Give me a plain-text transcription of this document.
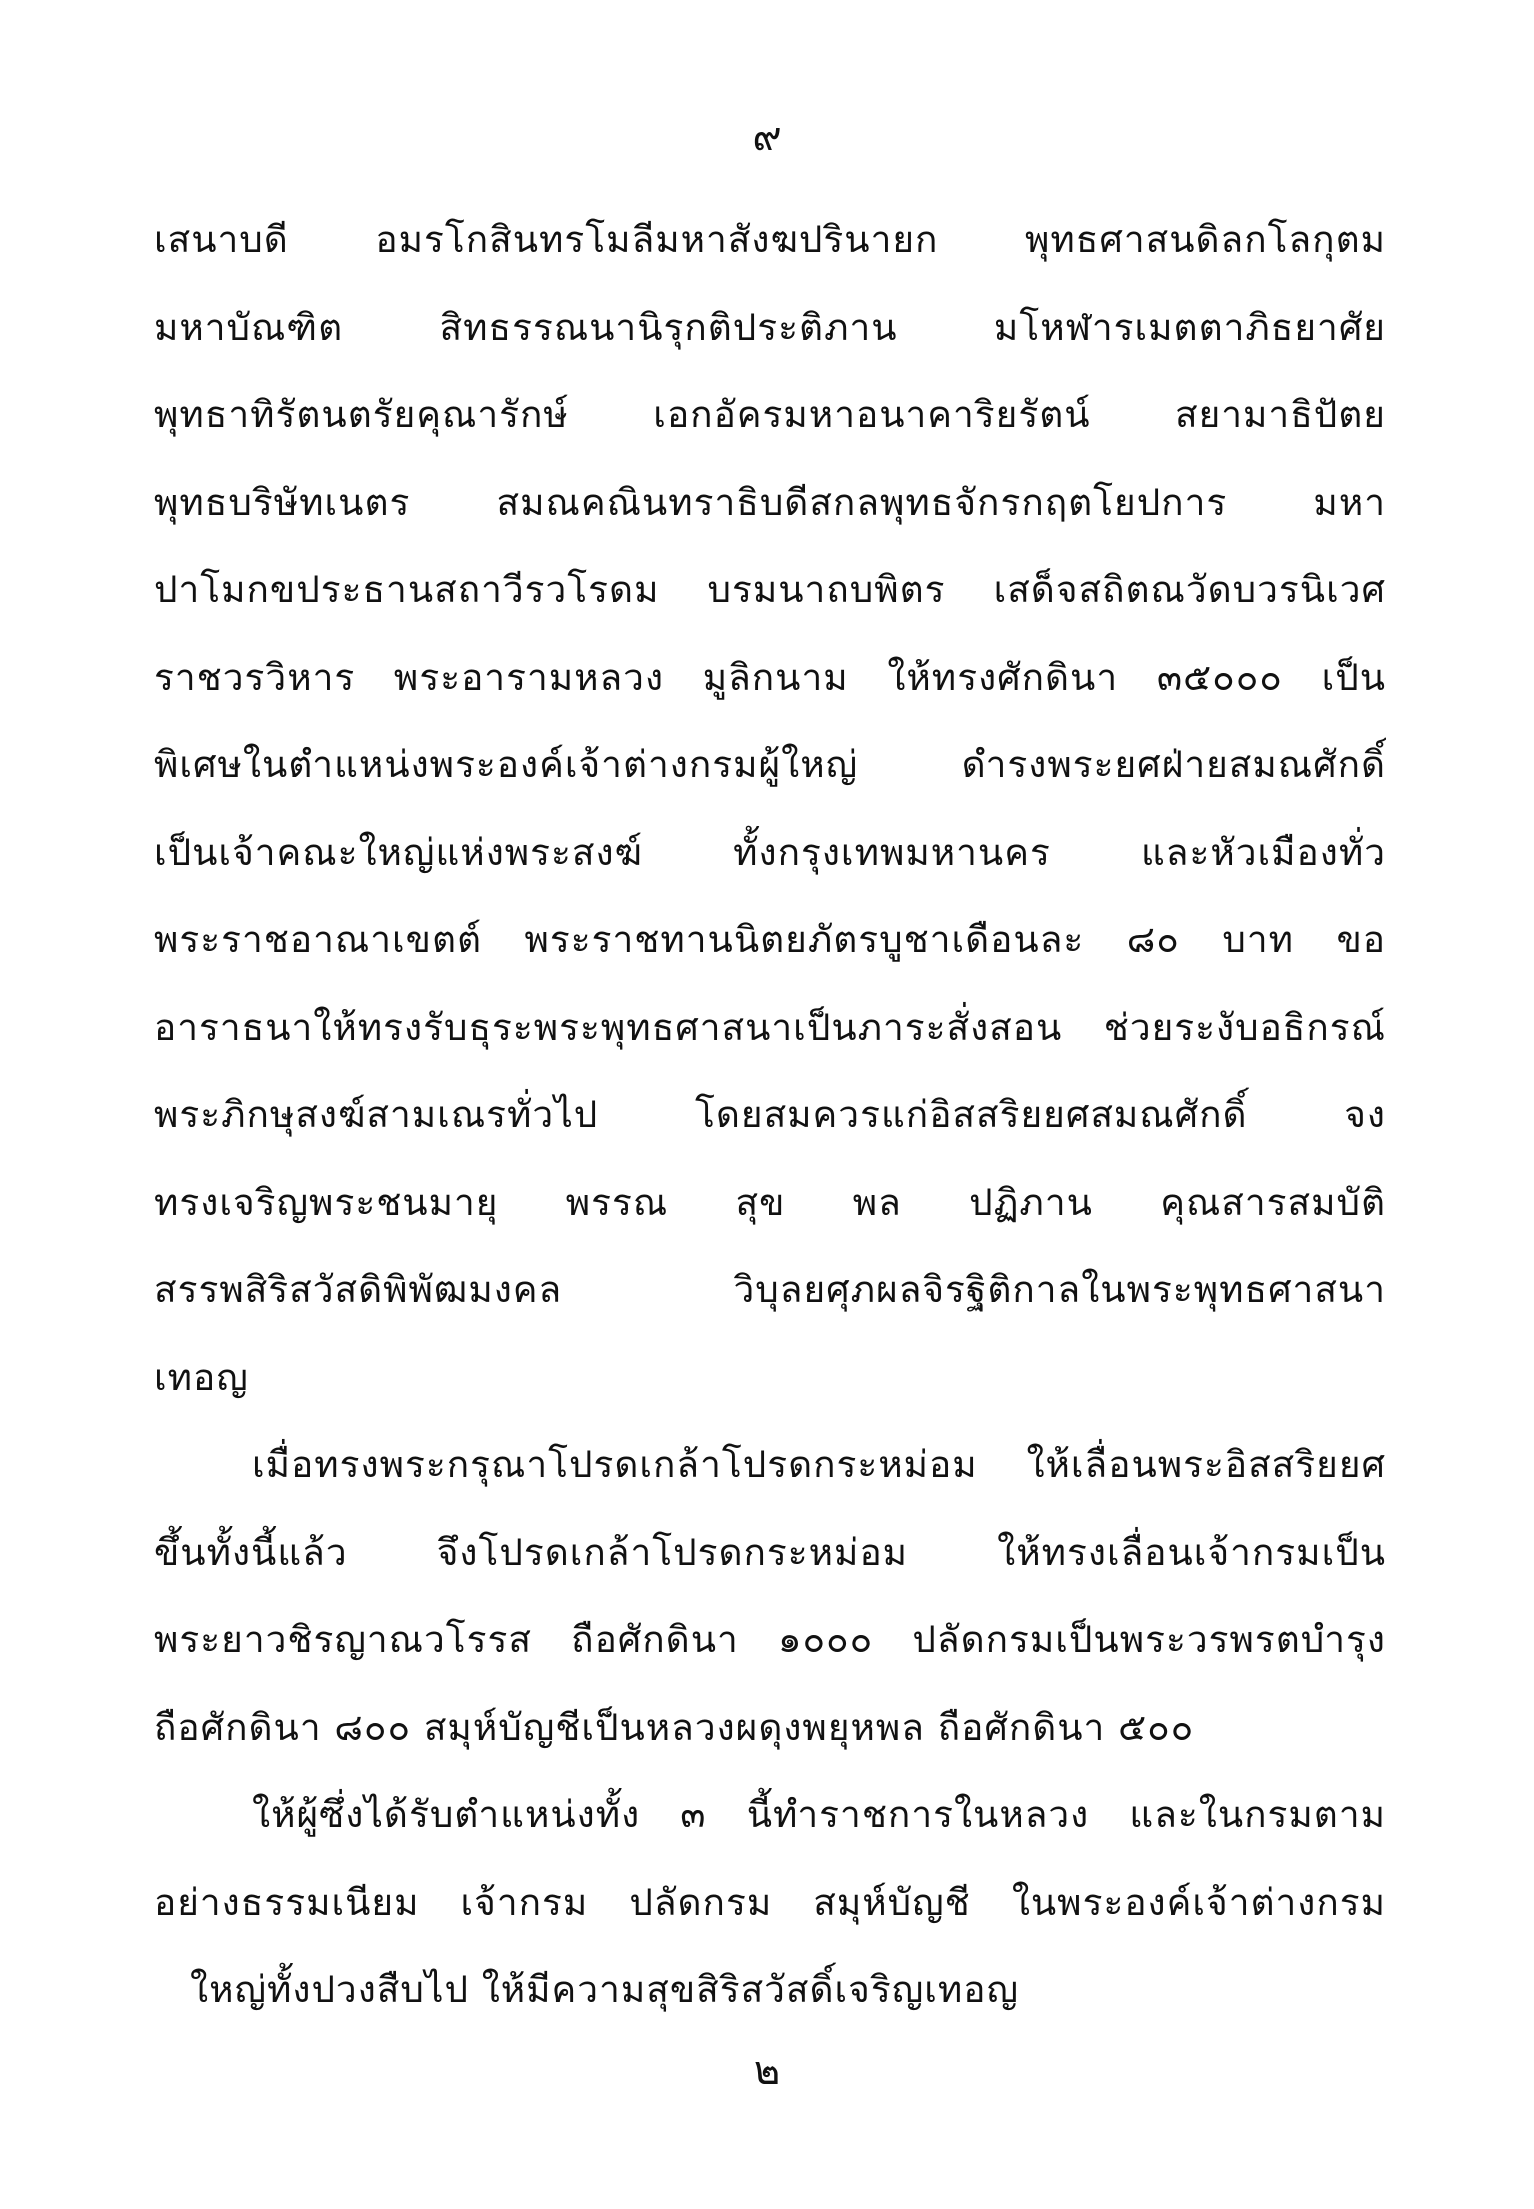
๙
เสนาบดี อมรโกสินทรโมลีมหาสังฆปรินายก พุทธศาสนดิลกโลกุตม
มหาบัณฑิต สิทธรรณนานิรุกติประติภาน มโหฬารเมตตาภิธยาศัย
พุทธาทิรัตนตรัยคุณารักษ์ เอกอัครมหาอนาคาริยรัตน์ สยามาธิปัตย
พุทธบริษัทเนตร สมณคณินทราธิบดีสกลพุทธจักรกฤตโยปการ มหา
ปาโมกขประธานสถาวีรวโรดม บรมนาถบพิตร เสด็จสถิตณวัดบวรนิเวศ
ราชวรวิหาร พระอารามหลวง มูลิกนาม ให้ทรงศักดินา ๓๕๐๐๐ เป็น
พิเศษในตำแหน่งพระองค์เจ้าต่างกรมผู้ใหญ่ ดำรงพระยศฝ่ายสมณศักดิ์
เป็นเจ้าคณะใหญ่แห่งพระสงฆ์ ทั้งกรุงเทพมหานคร และหัวเมืองทั่ว
พระราชอาณาเขตต์ พระราชทานนิตยภัตรบูชาเดือนละ ๘๐ บาท ขอ
อาราธนาให้ทรงรับธุระพระพุทธศาสนาเป็นภาระสั่งสอน ช่วยระงับอธิกรณ์
พระภิกษุสงฆ์สามเณรทั่วไป โดยสมควรแก่อิสสริยยศสมณศักดิ์ จง
ทรงเจริญพระชนมายุ พรรณ สุข พล ปฏิภาน คุณสารสมบัติ
สรรพสิริสวัสดิพิพัฒมงคล วิบุลยศุภผลจิรฐิติกาลในพระพุทธศาสนา
เทอญ
เมื่อทรงพระกรุณาโปรดเกล้าโปรดกระหม่อม ให้เลื่อนพระอิสสริยยศ
ขึ้นทั้งนี้แล้ว จึงโปรดเกล้าโปรดกระหม่อม ให้ทรงเลื่อนเจ้ากรมเป็น
พระยาวชิรญาณวโรรส ถือศักดินา ๑๐๐๐ ปลัดกรมเป็นพระวรพรตบำรุง
ถือศักดินา ๘๐๐ สมุห์บัญชีเป็นหลวงผดุงพยุหพล ถือศักดินา ๕๐๐
ให้ผู้ซึ่งได้รับตำแหน่งทั้ง ๓ นี้ทำราชการในหลวง และในกรมตาม
อย่างธรรมเนียม เจ้ากรม ปลัดกรม สมุห์บัญชี ในพระองค์เจ้าต่างกรม
ใหญ่ทั้งปวงสืบไป ให้มีความสุขสิริสวัสดิ์เจริญเทอญ
๒
